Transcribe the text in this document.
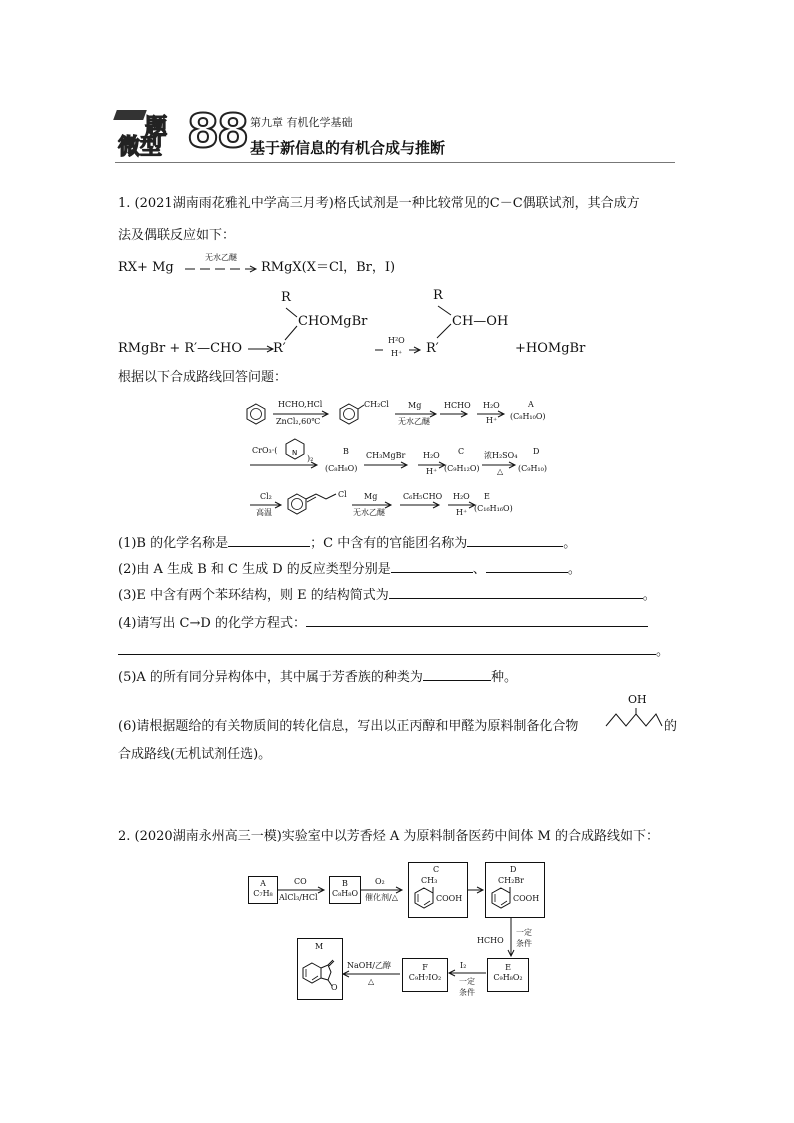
题
微型 88 第九章 有机化学基础
基于新信息的有机合成与推断
1. (2021湖南雨花雅礼中学高三月考)格氏试剂是一种比较常见的C－C偶联试剂，其合成方
法及偶联反应如下：
RX+ Mg
无水乙醚
RMgX(X＝Cl，Br，I)
R
CHOMgBr
RMgBr + R′—CHO R′
H²O
H⁺
R
CH—OH
R′	+HOMgBr
根据以下合成路线回答问题：
HCHO,HCl
ZnCl₂,60℃
CH₂Cl Mg
无水乙醚
HCHO H₂O
H⁺
A
(C₈H₁₀O)
CrO₃·( N
)₂
B
(C₈H₈O)
CH₃MgBr H₂O
H⁺
C
(C₉H₁₂O)
浓H₂SO₄
△
D
(C₉H₁₀)
Cl₂
高温
Cl Mg
无水乙醚
C₆H₅CHO H₂O
H⁺
E
(C₁₆H₁₆O)
(1)B 的化学名称是	；C 中含有的官能团名称为	。
(2)由 A 生成 B 和 C 生成 D 的反应类型分别是	、	。
(3)E 中含有两个苯环结构，则 E 的结构简式为	。
(4)请写出 C→D 的化学方程式：
。
(5)A 的所有同分异构体中，其中属于芳香族的种类为	种。
OH
(6)请根据题给的有关物质间的转化信息，写出以正丙醇和甲醛为原料制备化合物	的
合成路线(无机试剂任选)。
2. (2020湖南永州高三一模)实验室中以芳香烃 A 为原料制备医药中间体 M 的合成路线如下：
A
C₇H₈
CO
AlCl₃/HCl
B
C₈H₈O
O₂
催化剂/△
C
CH₃
COOH
D
CH₂Br
COOH
HCHO
一定
条件
E
C₉H₈O₂
I₂
一定
条件
F
C₉H₇IO₂
NaOH/乙醇
△
M
O
